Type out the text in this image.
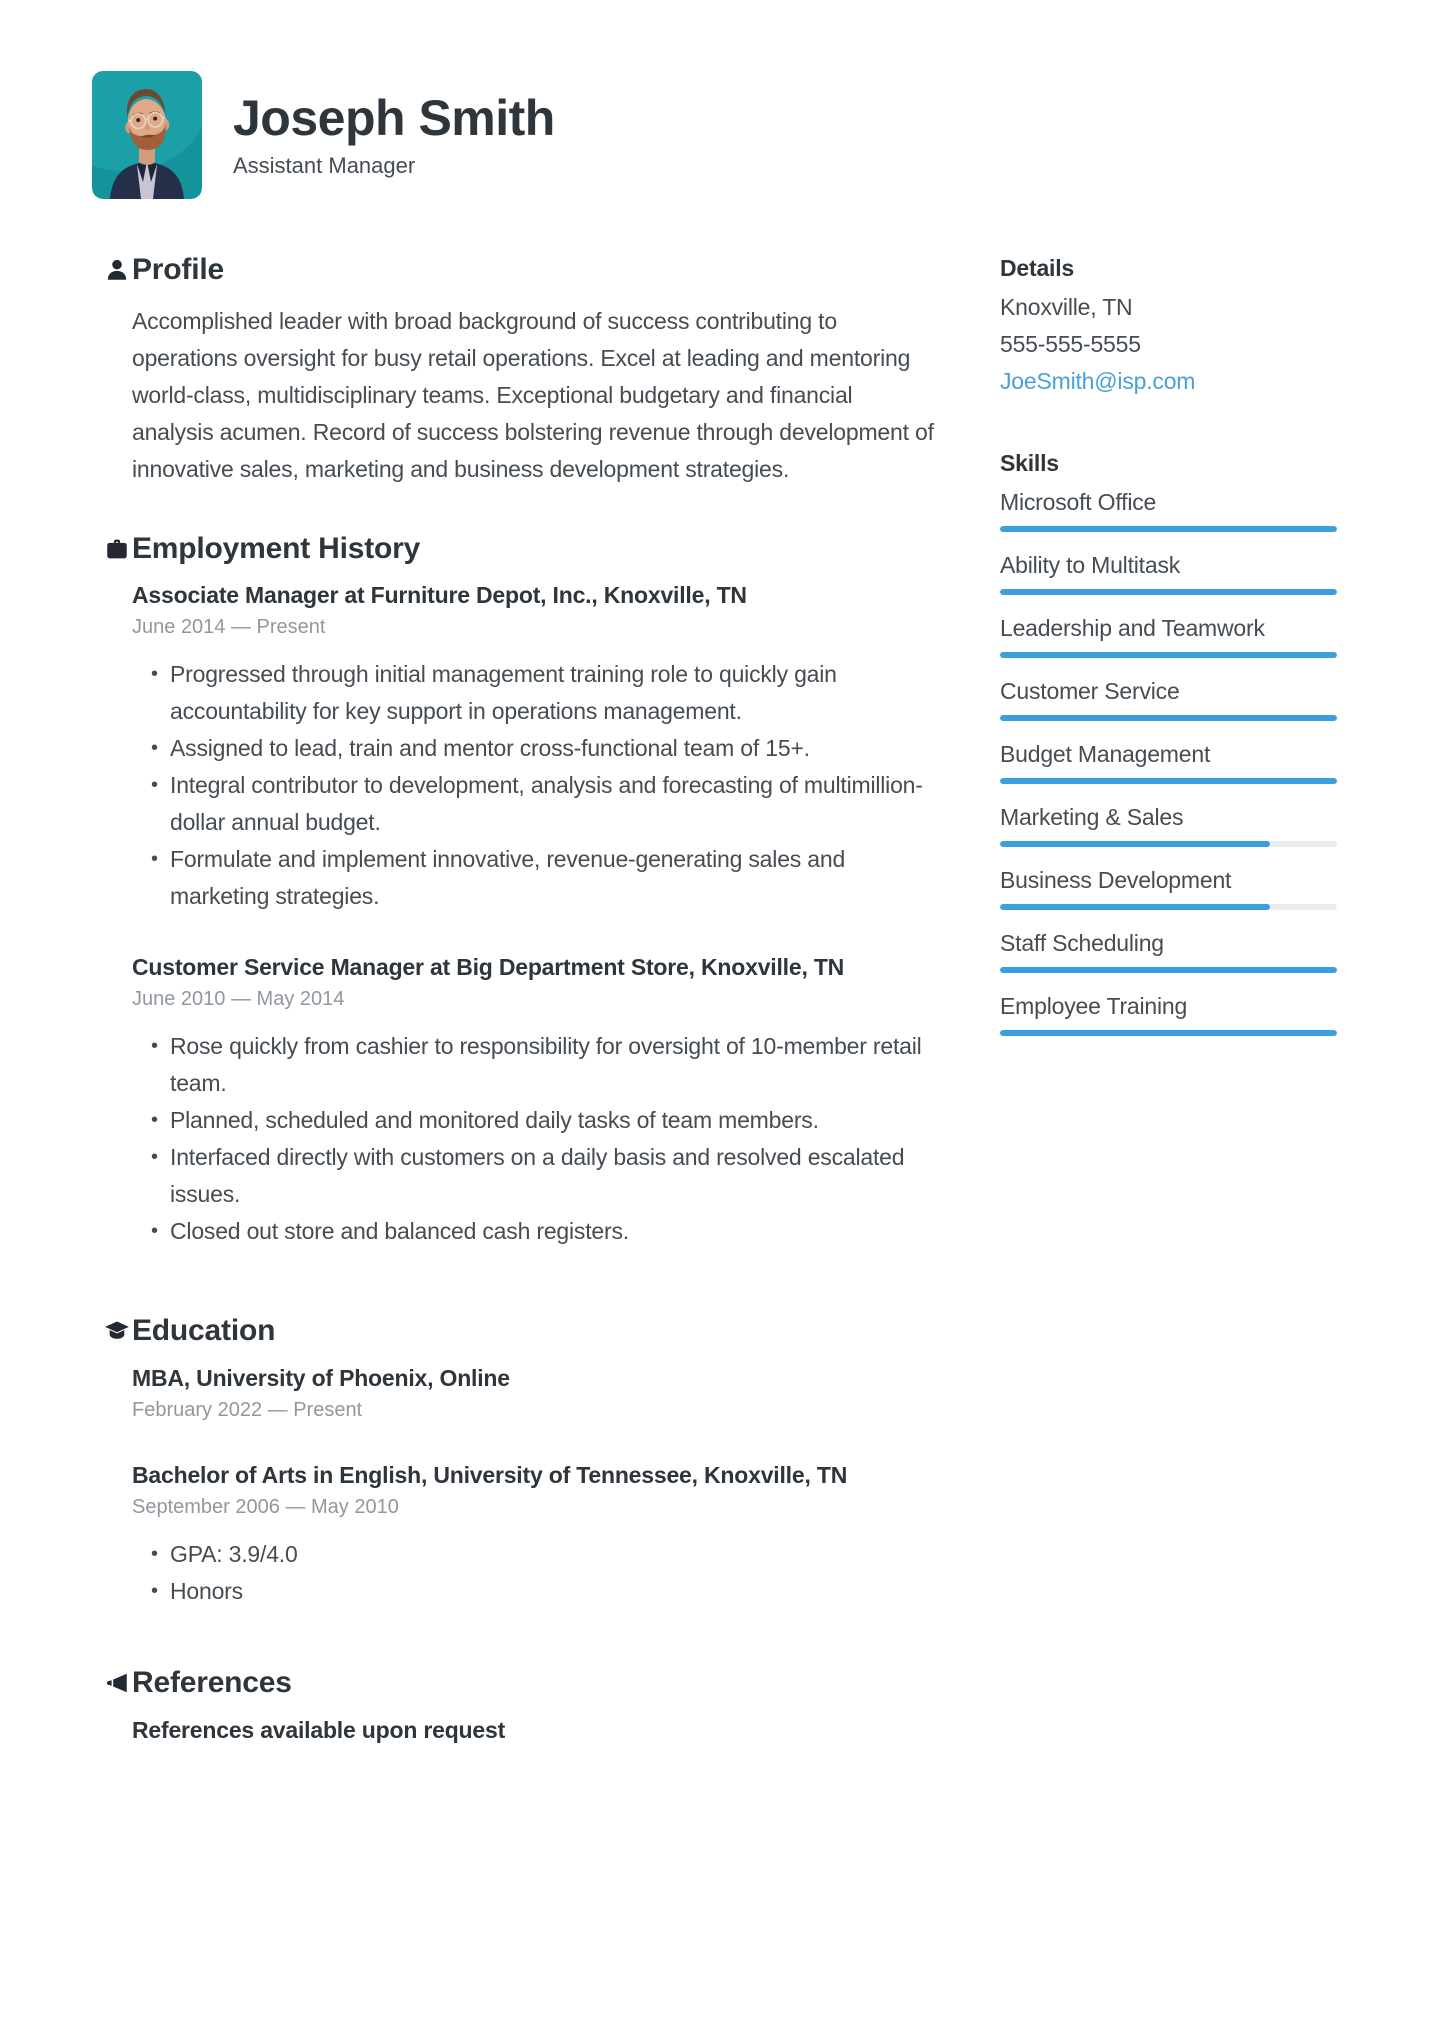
Joseph Smith
Assistant Manager
Profile

Accomplished leader with broad background of success contributing to operations oversight for busy retail operations. Excel at leading and mentoring world-class, multidisciplinary teams. Exceptional budgetary and financial analysis acumen. Record of success bolstering revenue through development of innovative sales, marketing and business development strategies.

Employment History
Associate Manager at Furniture Depot, Inc., Knoxville, TN
June 2014 — Present
• Progressed through initial management training role to quickly gain accountability for key support in operations management.
• Assigned to lead, train and mentor cross-functional team of 15+.
• Integral contributor to development, analysis and forecasting of multimillion-dollar annual budget.
• Formulate and implement innovative, revenue-generating sales and marketing strategies.
Customer Service Manager at Big Department Store, Knoxville, TN
June 2010 — May 2014
• Rose quickly from cashier to responsibility for oversight of 10-member retail team.
• Planned, scheduled and monitored daily tasks of team members.
• Interfaced directly with customers on a daily basis and resolved escalated issues.
• Closed out store and balanced cash registers.
Education
MBA, University of Phoenix, Online
February 2022 — Present
Bachelor of Arts in English, University of Tennessee, Knoxville, TN
September 2006 — May 2010
• GPA: 3.9/4.0
• Honors
References

References available upon request

Details
Knoxville, TN
555-555-5555
JoeSmith@isp.com
Skills
Microsoft Office
Ability to Multitask
Leadership and Teamwork
Customer Service
Budget Management
Marketing & Sales
Business Development
Staff Scheduling
Employee Training
